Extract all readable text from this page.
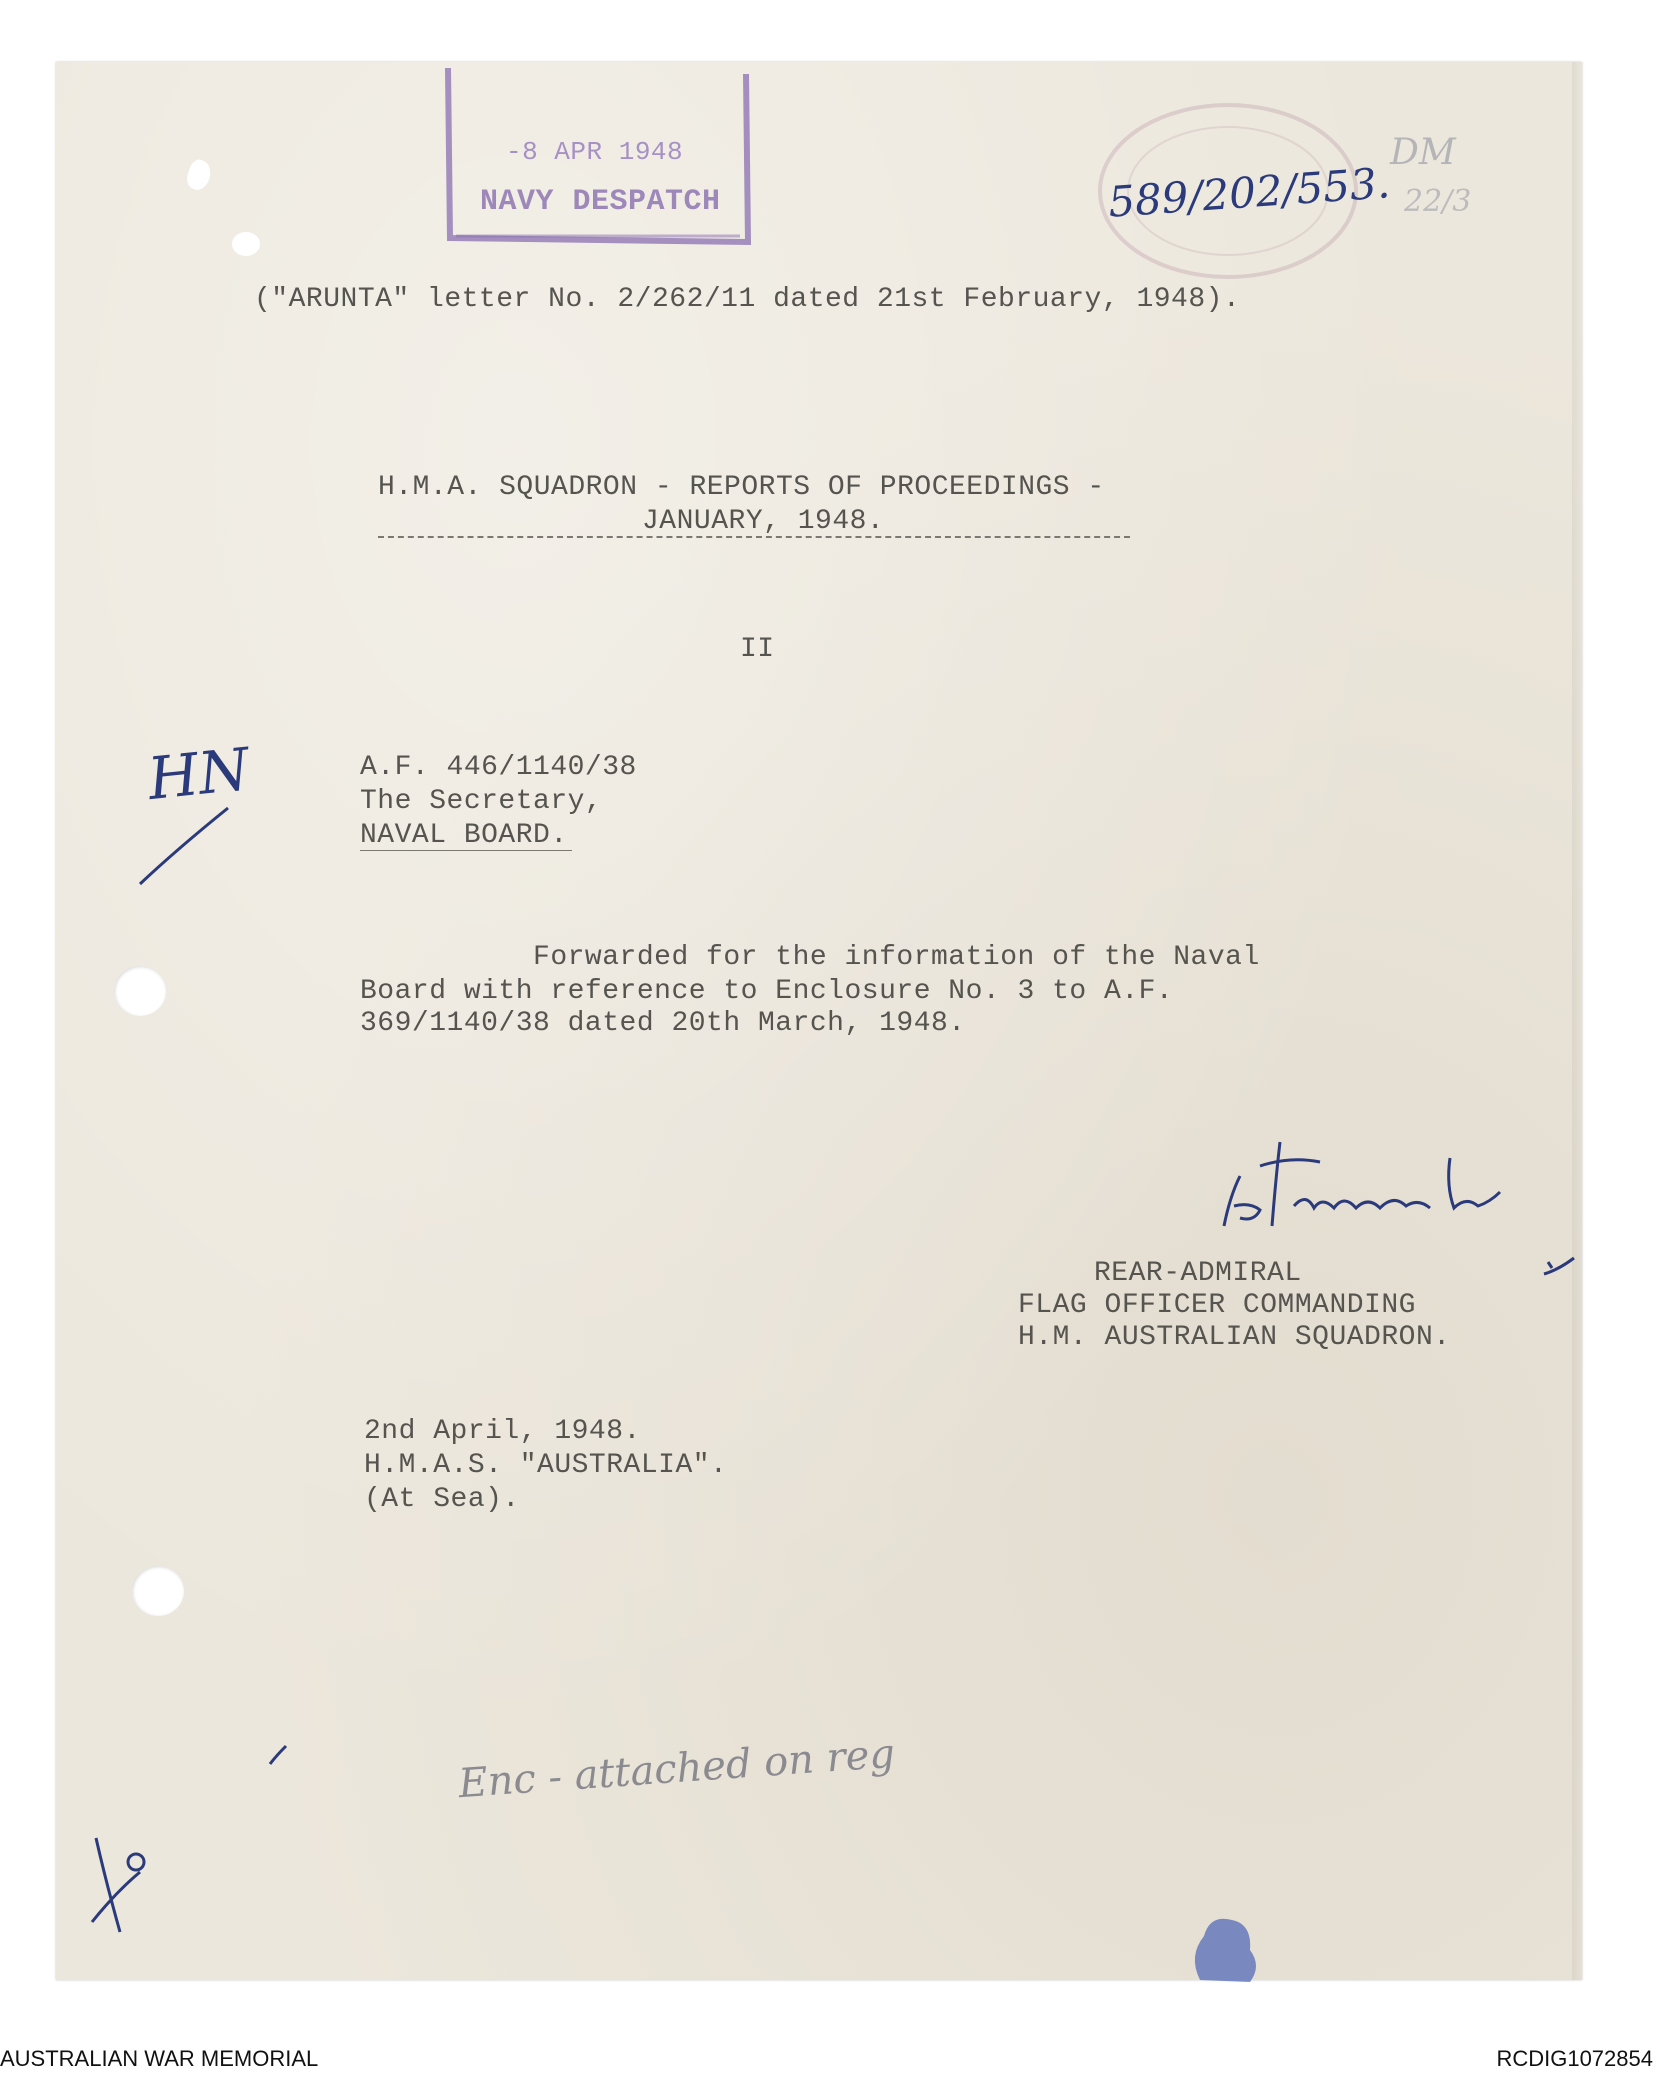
-8 APR 1948
NAVY DESPATCH	589/202/553.
DM
22/3
("ARUNTA" letter No. 2/262/11 dated 21st February, 1948).
H.M.A. SQUADRON - REPORTS OF PROCEEDINGS -
JANUARY, 1948.
II
HN	A.F. 446/1140/38
The Secretary,
NAVAL BOARD.
Forwarded for the information of the Naval
Board with reference to Enclosure No. 3 to A.F.
369/1140/38 dated 20th March, 1948.
REAR-ADMIRAL
FLAG OFFICER COMMANDING
H.M. AUSTRALIAN SQUADRON.
2nd April, 1948.
H.M.A.S. "AUSTRALIA".
(At Sea).
Enc - attached on reg
AUSTRALIAN WAR MEMORIAL	RCDIG1072854
